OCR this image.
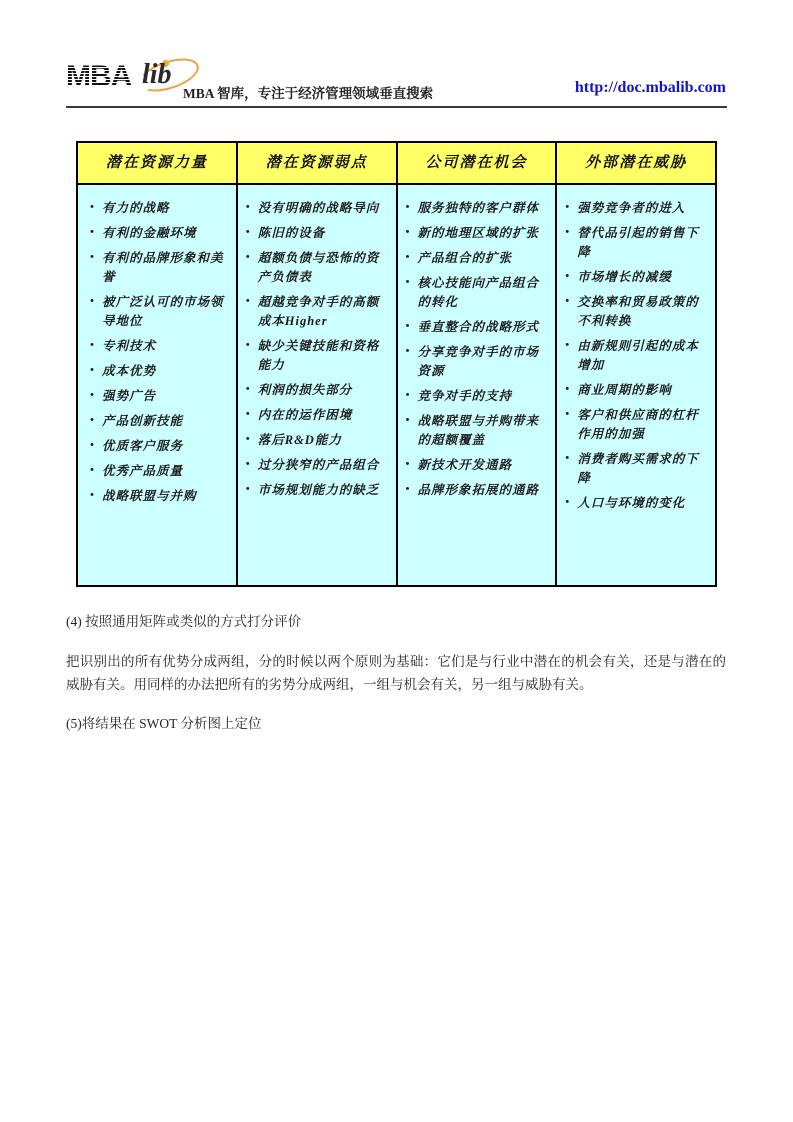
MBA lib
MBA 智库，专注于经济管理领域垂直搜索	http://doc.mbalib.com
潜在资源力量	潜在资源弱点	公司潜在机会	外部潜在威胁

• 有力的战略
• 有利的金融环境
• 有利的品牌形象和美誉
• 被广泛认可的市场领导地位
• 专利技术
• 成本优势
• 强势广告
• 产品创新技能
• 优质客户服务
• 优秀产品质量
• 战略联盟与并购

• 没有明确的战略导向
• 陈旧的设备
• 超额负债与恐怖的资产负债表
• 超越竞争对手的高额成本Higher
• 缺少关键技能和资格能力
• 利润的损失部分
• 内在的运作困境
• 落后R&D能力
• 过分狭窄的产品组合
• 市场规划能力的缺乏

• 服务独特的客户群体
• 新的地理区域的扩张
• 产品组合的扩张
• 核心技能向产品组合的转化
• 垂直整合的战略形式
• 分享竞争对手的市场资源
• 竞争对手的支持
• 战略联盟与并购带来的超额覆盖
• 新技术开发通路
• 品牌形象拓展的通路

• 强势竞争者的进入
• 替代品引起的销售下降
• 市场增长的减缓
• 交换率和贸易政策的不利转换
• 由新规则引起的成本增加
• 商业周期的影响
• 客户和供应商的杠杆作用的加强
• 消费者购买需求的下降
• 人口与环境的变化
(4) 按照通用矩阵或类似的方式打分评价
把识别出的所有优势分成两组，分的时候以两个原则为基础：它们是与行业中潜在的机会有关，还是与潜在的威胁有关。用同样的办法把所有的劣势分成两组，一组与机会有关，另一组与威胁有关。
(5)将结果在 SWOT 分析图上定位
